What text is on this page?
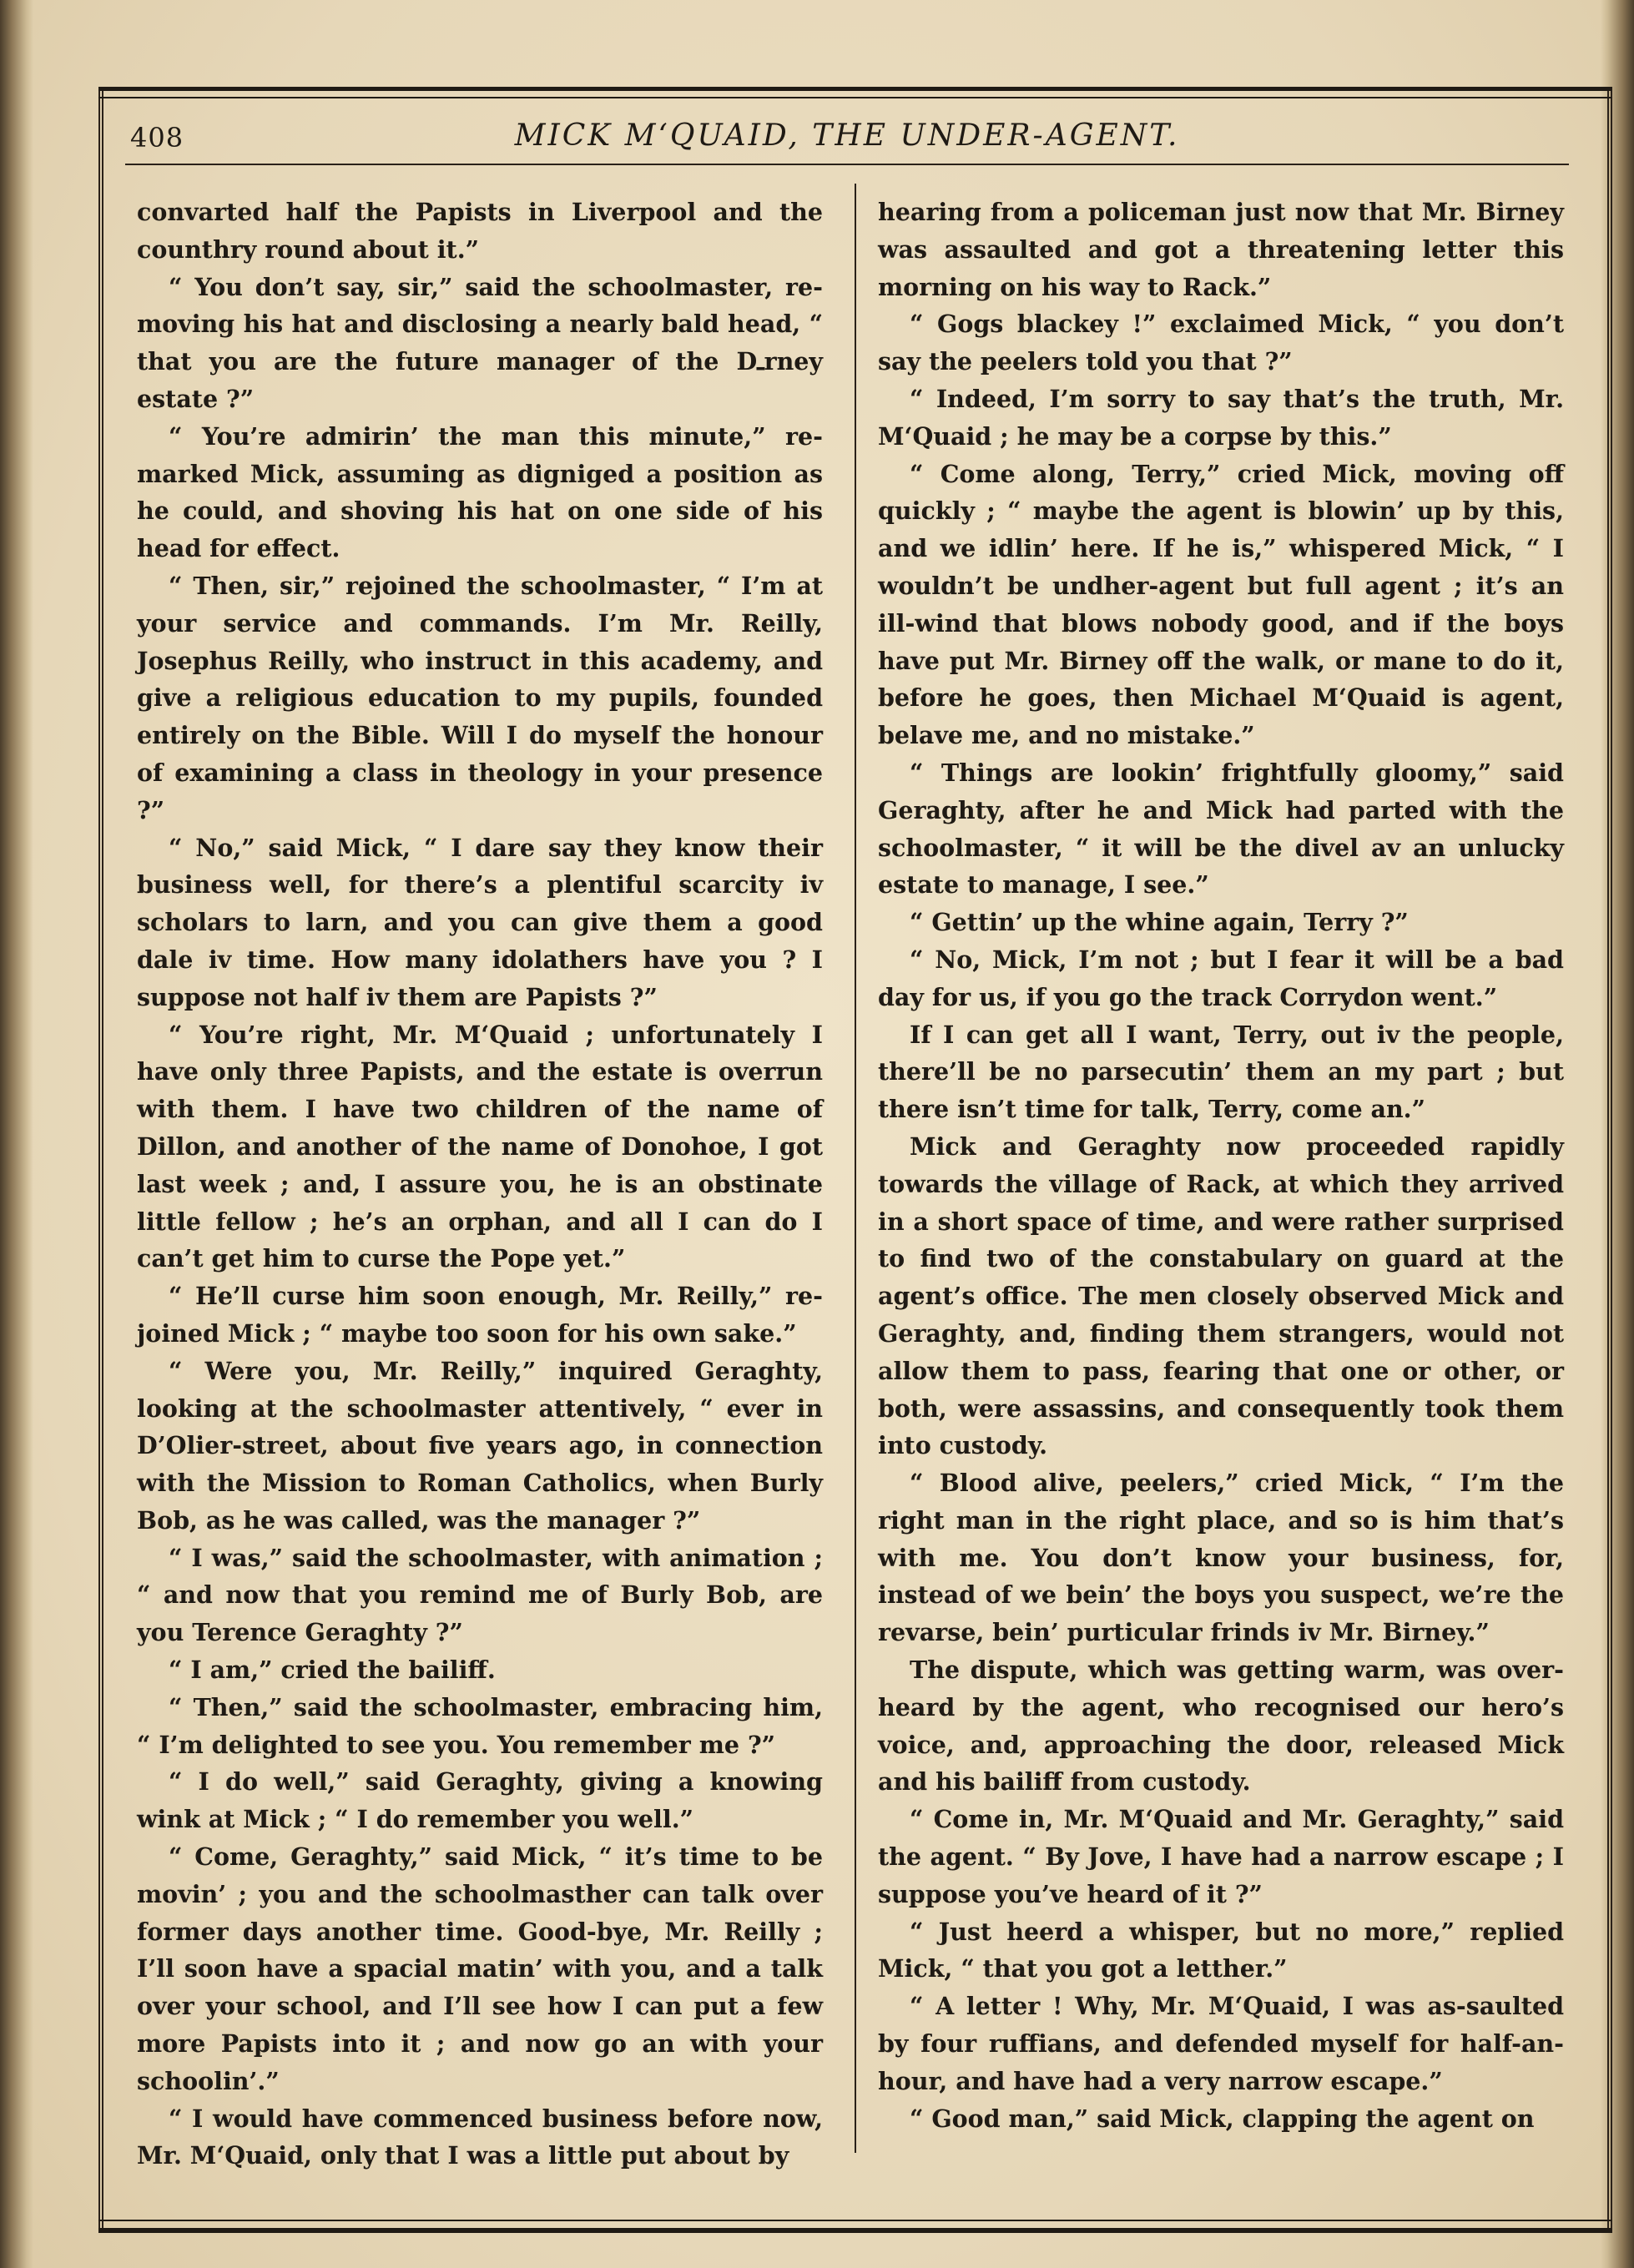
408	MICK M‘QUAID, THE UNDER-AGENT.

convarted half the Papists in Liverpool and the counthry round about it.”

“ You don’t say, sir,” said the schoolmaster, re-moving his hat and disclosing a nearly bald head, “ that you are the future manager of the Dـrney estate ?”

“ You’re admirin’ the man this minute,” re-marked Mick, assuming as digniged a position as he could, and shoving his hat on one side of his head for effect.

“ Then, sir,” rejoined the schoolmaster, “ I’m at your service and commands. I’m Mr. Reilly, Josephus Reilly, who instruct in this academy, and give a religious education to my pupils, founded entirely on the Bible. Will I do myself the honour of examining a class in theology in your presence ?”

“ No,” said Mick, “ I dare say they know their business well, for there’s a plentiful scarcity iv scholars to larn, and you can give them a good dale iv time. How many idolathers have you ? I suppose not half iv them are Papists ?”

“ You’re right, Mr. M‘Quaid ; unfortunately I have only three Papists, and the estate is overrun with them. I have two children of the name of Dillon, and another of the name of Donohoe, I got last week ; and, I assure you, he is an obstinate little fellow ; he’s an orphan, and all I can do I can’t get him to curse the Pope yet.”

“ He’ll curse him soon enough, Mr. Reilly,” re-joined Mick ; “ maybe too soon for his own sake.”

“ Were you, Mr. Reilly,” inquired Geraghty, looking at the schoolmaster attentively, “ ever in D’Olier-street, about five years ago, in connection with the Mission to Roman Catholics, when Burly Bob, as he was called, was the manager ?”

“ I was,” said the schoolmaster, with animation ; “ and now that you remind me of Burly Bob, are you Terence Geraghty ?”

“ I am,” cried the bailiff.

“ Then,” said the schoolmaster, embracing him, “ I’m delighted to see you. You remember me ?”

“ I do well,” said Geraghty, giving a knowing wink at Mick ; “ I do remember you well.”

“ Come, Geraghty,” said Mick, “ it’s time to be movin’ ; you and the schoolmasther can talk over former days another time. Good-bye, Mr. Reilly ; I’ll soon have a spacial matin’ with you, and a talk over your school, and I’ll see how I can put a few more Papists into it ; and now go an with your schoolin’.”

“ I would have commenced business before now, Mr. M‘Quaid, only that I was a little put about by

hearing from a policeman just now that Mr. Birney was assaulted and got a threatening letter this morning on his way to Rack.”

“ Gogs blackey !” exclaimed Mick, “ you don’t say the peelers told you that ?”

“ Indeed, I’m sorry to say that’s the truth, Mr. M‘Quaid ; he may be a corpse by this.”

“ Come along, Terry,” cried Mick, moving off quickly ; “ maybe the agent is blowin’ up by this, and we idlin’ here. If he is,” whispered Mick, “ I wouldn’t be undher-agent but full agent ; it’s an ill-wind that blows nobody good, and if the boys have put Mr. Birney off the walk, or mane to do it, before he goes, then Michael M‘Quaid is agent, belave me, and no mistake.”

“ Things are lookin’ frightfully gloomy,” said Geraghty, after he and Mick had parted with the schoolmaster, “ it will be the divel av an unlucky estate to manage, I see.”

“ Gettin’ up the whine again, Terry ?”

“ No, Mick, I’m not ; but I fear it will be a bad day for us, if you go the track Corrydon went.”

If I can get all I want, Terry, out iv the people, there’ll be no parsecutin’ them an my part ; but there isn’t time for talk, Terry, come an.”

Mick and Geraghty now proceeded rapidly towards the village of Rack, at which they arrived in a short space of time, and were rather surprised to find two of the constabulary on guard at the agent’s office. The men closely observed Mick and Geraghty, and, finding them strangers, would not allow them to pass, fearing that one or other, or both, were assassins, and consequently took them into custody.

“ Blood alive, peelers,” cried Mick, “ I’m the right man in the right place, and so is him that’s with me. You don’t know your business, for, instead of we bein’ the boys you suspect, we’re the revarse, bein’ purticular frinds iv Mr. Birney.”

The dispute, which was getting warm, was over-heard by the agent, who recognised our hero’s voice, and, approaching the door, released Mick and his bailiff from custody.

“ Come in, Mr. M‘Quaid and Mr. Geraghty,” said the agent. “ By Jove, I have had a narrow escape ; I suppose you’ve heard of it ?”

“ Just heerd a whisper, but no more,” replied Mick, “ that you got a letther.”

“ A letter ! Why, Mr. M‘Quaid, I was as-saulted by four ruffians, and defended myself for half-an-hour, and have had a very narrow escape.”

“ Good man,” said Mick, clapping the agent on
